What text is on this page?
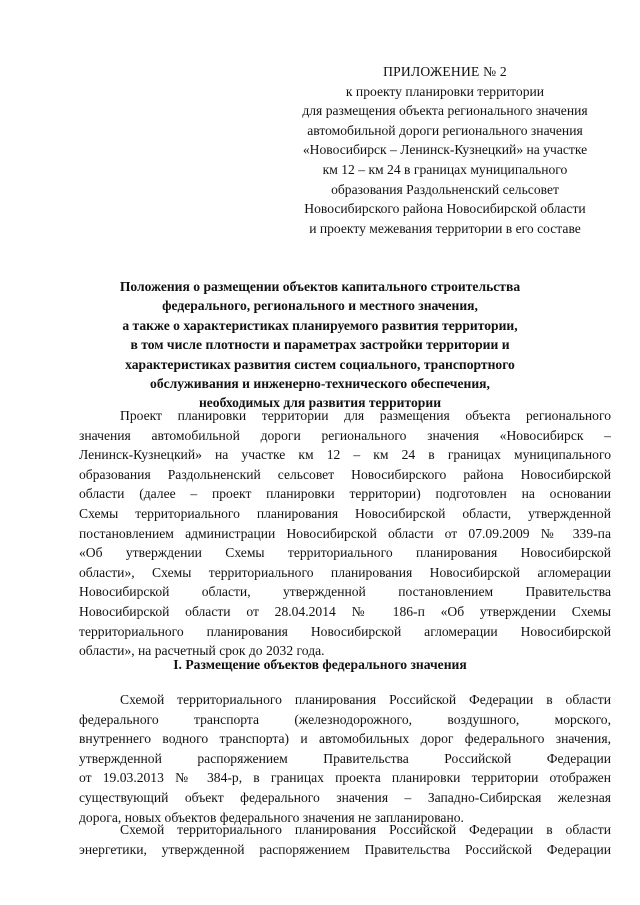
ПРИЛОЖЕНИЕ № 2
к проекту планировки территории
для размещения объекта регионального значения
автомобильной дороги регионального значения
«Новосибирск – Ленинск-Кузнецкий» на участке
км 12 – км 24 в границах муниципального
образования Раздольненский сельсовет
Новосибирского района Новосибирской области
и проекту межевания территории в его составе
Положения о размещении объектов капитального строительства
федерального, регионального и местного значения,
а также о характеристиках планируемого развития территории,
в том числе плотности и параметрах застройки территории и
характеристиках развития систем социального, транспортного
обслуживания и инженерно-технического обеспечения,
необходимых для развития территории
Проект планировки территории для размещения объекта регионального
значения автомобильной дороги регионального значения «Новосибирск –
Ленинск-Кузнецкий» на участке км 12 – км 24 в границах муниципального
образования Раздольненский сельсовет Новосибирского района Новосибирской
области (далее – проект планировки территории) подготовлен на основании
Схемы территориального планирования Новосибирской области, утвержденной
постановлением администрации Новосибирской области от 07.09.2009 № 339-па
«Об утверждении Схемы территориального планирования Новосибирской
области», Схемы территориального планирования Новосибирской агломерации
Новосибирской области, утвержденной постановлением Правительства
Новосибирской области от 28.04.2014 № 186-п «Об утверждении Схемы
территориального планирования Новосибирской агломерации Новосибирской
области», на расчетный срок до 2032 года.
I. Размещение объектов федерального значения
Схемой территориального планирования Российской Федерации в области
федерального транспорта (железнодорожного, воздушного, морского,
внутреннего водного транспорта) и автомобильных дорог федерального значения,
утвержденной распоряжением Правительства Российской Федерации
от 19.03.2013 № 384-р, в границах проекта планировки территории отображен
существующий объект федерального значения – Западно-Сибирская железная
дорога, новых объектов федерального значения не запланировано.
Схемой территориального планирования Российской Федерации в области
энергетики, утвержденной распоряжением Правительства Российской Федерации
